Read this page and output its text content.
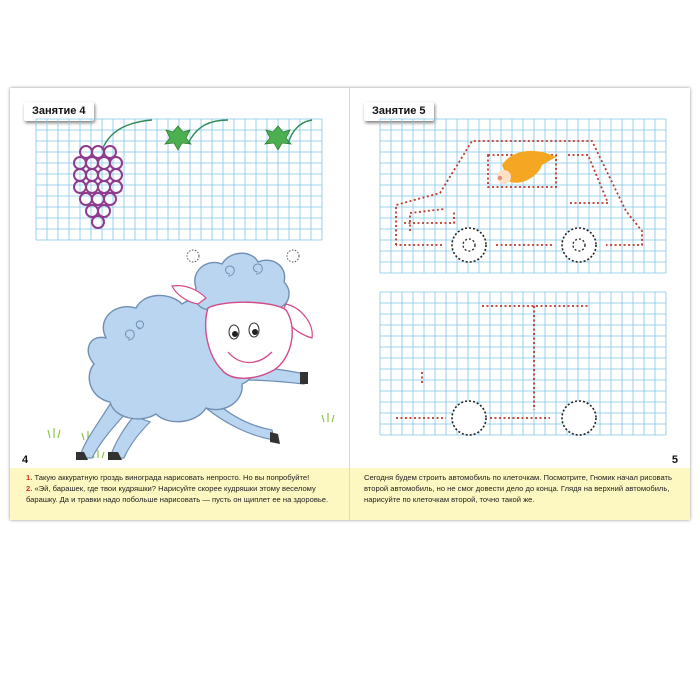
Занятие 4
4
1. Такую аккуратную гроздь винограда нарисовать непросто. Но вы попробуйте!
2. «Эй, барашек, где твои кудряшки? Нарисуйте скорее кудряшки этому веселому барашку. Да и травки надо побольше нарисовать — пусть он щиплет ее на здоровье.
Занятие 5
5
Сегодня будем строить автомобиль по клеточкам. Посмотрите, Гномик начал рисовать второй автомобиль, но не смог довести дело до конца. Глядя на верхний автомобиль, нарисуйте по клеточкам второй, точно такой же.
